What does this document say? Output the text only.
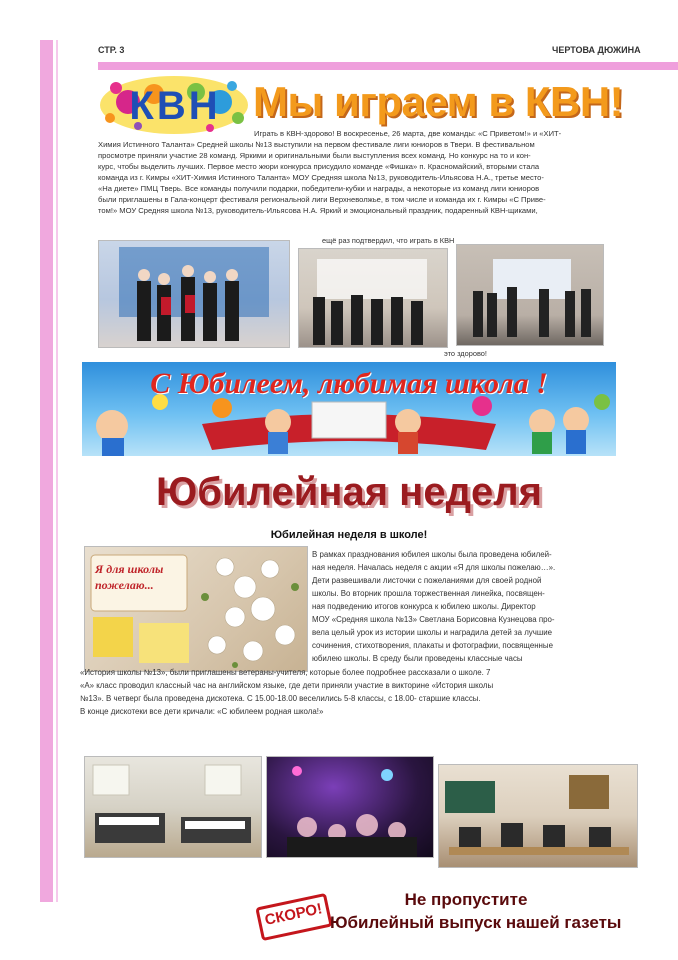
СТР. 3	ЧЕРТОВА ДЮЖИНА
КВН Мы играем в КВН!

Играть в КВН-здорово! В воскресенье, 26 марта, две команды: «С Приветом!» и «ХИТ-

Химия Истинного Таланта» Средней школы №13 выступили на первом фестивале лиги юниоров в Твери. В фестивальном

просмотре приняли участие 28 команд. Яркими и оригинальными были выступления всех команд. Но конкурс на то и кон-

курс, чтобы выделить лучших. Первое место жюри конкурса присудило команде «Фишка» п. Красномайский, вторыми стала

команда из г. Кимры «ХИТ-Химия Истинного Таланта» МОУ Средняя школа №13, руководитель-Ильясова Н.А., третье место-

«На диете» ПМЦ Тверь. Все команды получили подарки, победители-кубки и награды, а некоторые из команд лиги юниоров

были приглашены в Гала-концерт фестиваля региональной лиги Верхневолжье, в том числе и команда их г. Кимры «С Приве-

том!» МОУ Средняя школа №13, руководитель-Ильясова Н.А. Яркий и эмоциональный праздник, подаренный КВН-щиками,

ещё раз подтвердил, что играть в КВН
это здорово!
С Юбилеем, любимая школа !
Юбилейная неделя
Юбилейная неделя в школе!
Я для школы пожелаю...

В рамках празднования юбилея школы была проведена юбилей-

ная неделя. Началась неделя с акции «Я для школы пожелаю…».

Дети развешивали листочки с пожеланиями для своей родной

школы. Во вторник прошла торжественная линейка, посвящен-

ная подведению итогов конкурса к юбилею школы. Директор

МОУ «Средняя школа №13» Светлана Борисовна Кузнецова про-

вела целый урок из истории школы и наградила детей за лучшие

сочинения, стихотворения, плакаты и фотографии, посвященные

юбилею школы. В среду были проведены классные часы

«История школы №13», были приглашены ветераны-учителя, которые более подробнее рассказали о школе. 7

«А» класс проводил классный час на английском языке, где дети приняли участие в викторине «История школы

№13». В четверг была проведена дискотека. С 15.00-18.00 веселились 5-8 классы, с 18.00- старшие классы.

В конце дискотеки все дети кричали: «С юбилеем родная школа!»

СКОРО!
Не пропустите
Юбилейный выпуск нашей газеты
